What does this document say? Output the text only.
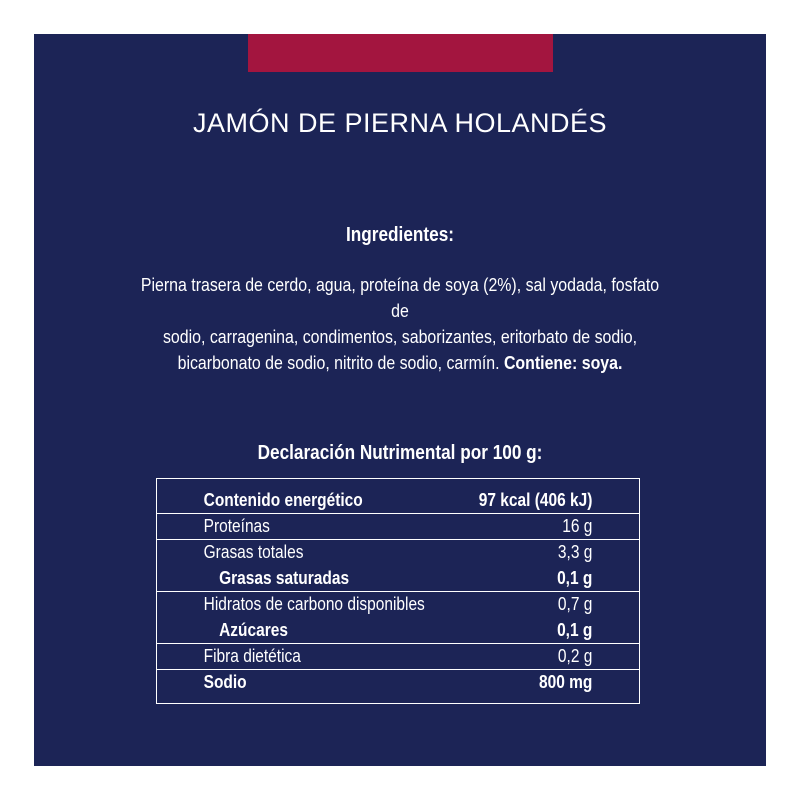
JAMÓN DE PIERNA HOLANDÉS
Ingredientes:
Pierna trasera de cerdo, agua, proteína de soya (2%), sal yodada, fosfato de
sodio, carragenina, condimentos, saborizantes, eritorbato de sodio,
bicarbonato de sodio, nitrito de sodio, carmín. Contiene: soya.
Declaración Nutrimental por 100 g:
Contenido energético	97 kcal (406 kJ)
Proteínas	16 g
Grasas totales	3,3 g
Grasas saturadas	0,1 g
Hidratos de carbono disponibles	0,7 g
Azúcares	0,1 g
Fibra dietética	0,2 g
Sodio	800 mg
